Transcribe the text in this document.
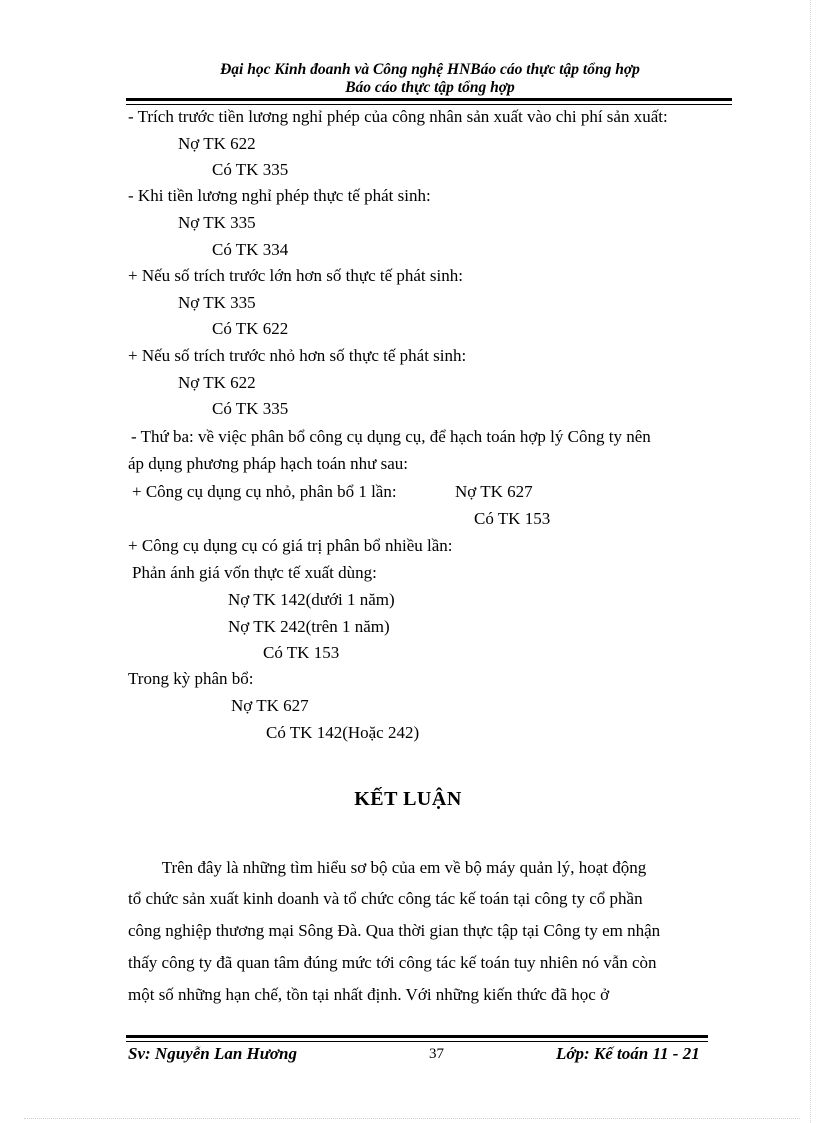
Đại học Kinh đoanh và Công nghệ HNBáo cáo thực tập tổng hợp
Báo cáo thực tập tổng hợp
- Trích trước tiền lương nghỉ phép của công nhân sản xuất vào chi phí sản xuất:
Nợ TK 622
Có TK 335
- Khi tiền lương nghỉ phép thực tế phát sinh:
Nợ TK 335
Có TK 334
+ Nếu số trích trước lớn hơn số thực tế phát sinh:
Nợ TK 335
Có TK 622
+ Nếu số trích trước nhỏ hơn số thực tế phát sinh:
Nợ TK 622
Có TK 335
- Thứ ba: về việc phân bổ công cụ dụng cụ, để hạch toán hợp lý Công ty nên
áp dụng phương pháp hạch toán như sau:
+ Công cụ dụng cụ nhỏ, phân bổ 1 lần:	Nợ TK 627
Có TK 153
+ Công cụ dụng cụ có giá trị phân bổ nhiều lần:
Phản ánh giá vốn thực tế xuất dùng:
Nợ TK 142(dưới 1 năm)
Nợ TK 242(trên 1 năm)
Có TK 153
Trong kỳ phân bổ:
Nợ TK 627
Có TK 142(Hoặc 242)
KẾT LUẬN
Trên đây là những tìm hiểu sơ bộ của em về bộ máy quản lý, hoạt động
tổ chức sản xuất kinh doanh và tổ chức công tác kế toán tại công ty cổ phần
công nghiệp thương mại Sông Đà. Qua thời gian thực tập tại Công ty em nhận
thấy công ty đã quan tâm đúng mức tới công tác kế toán tuy nhiên nó vẫn còn
một số những hạn chế, tồn tại nhất định. Với những kiến thức đã học ở
Sv: Nguyễn Lan Hương	37	Lớp: Kế toán 11 - 21
